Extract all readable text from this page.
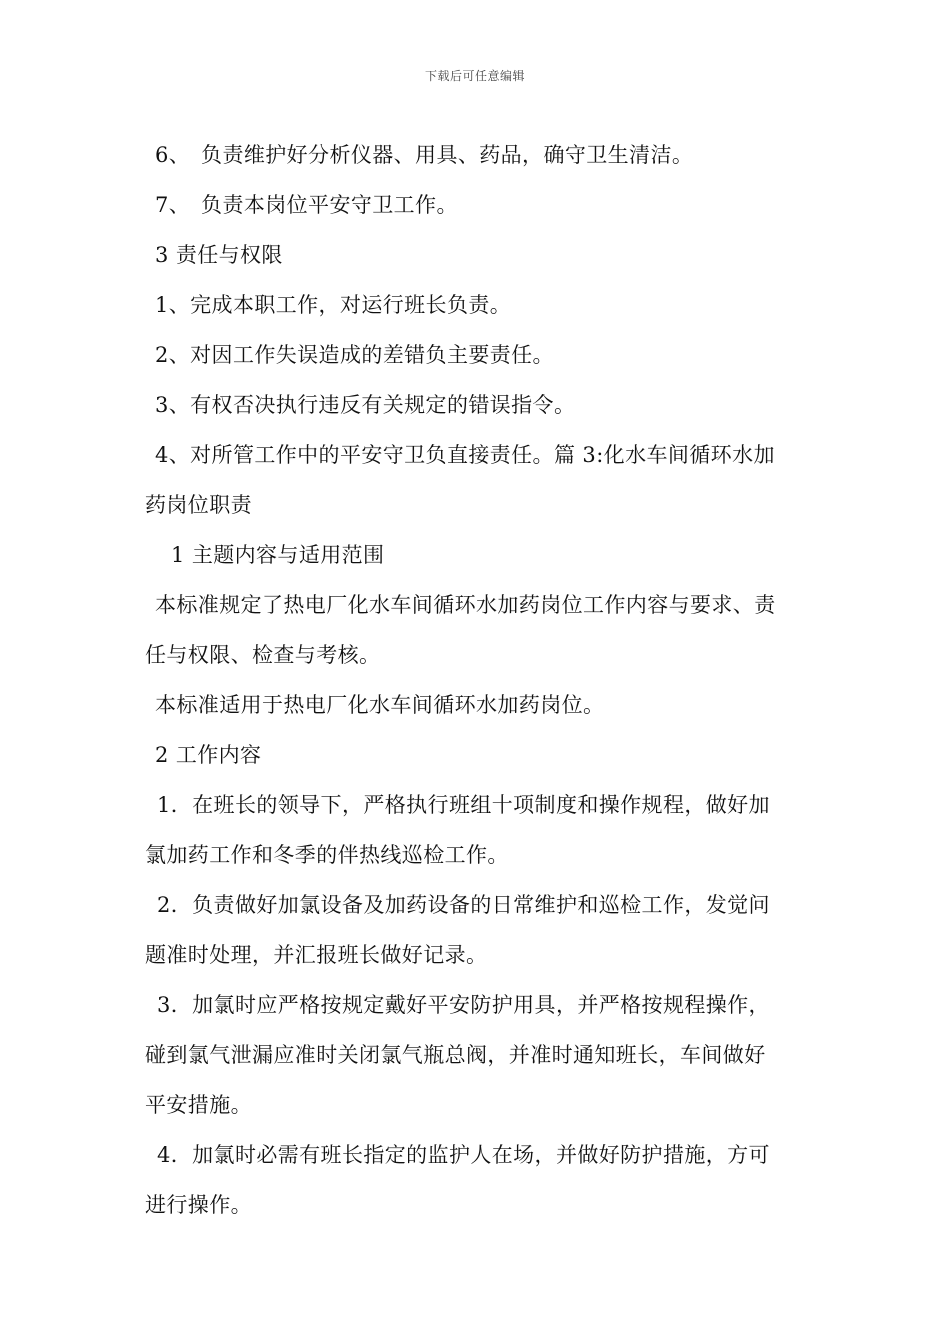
下载后可任意编辑
6、　负责维护好分析仪器、用具、药品，确守卫生清洁。
7、　负责本岗位平安守卫工作。
3 责任与权限
1、完成本职工作，对运行班长负责。
2、对因工作失误造成的差错负主要责任。
3、有权否决执行违反有关规定的错误指令。
4、对所管工作中的平安守卫负直接责任。篇 3:化水车间循环水加
药岗位职责
1 主题内容与适用范围
本标准规定了热电厂化水车间循环水加药岗位工作内容与要求、责
任与权限、检查与考核。
本标准适用于热电厂化水车间循环水加药岗位。
2 工作内容
1．在班长的领导下，严格执行班组十项制度和操作规程，做好加
氯加药工作和冬季的伴热线巡检工作。
2．负责做好加氯设备及加药设备的日常维护和巡检工作，发觉问
题准时处理，并汇报班长做好记录。
3．加氯时应严格按规定戴好平安防护用具，并严格按规程操作，
碰到氯气泄漏应准时关闭氯气瓶总阀，并准时通知班长，车间做好
平安措施。
4．加氯时必需有班长指定的监护人在场，并做好防护措施，方可
进行操作。
